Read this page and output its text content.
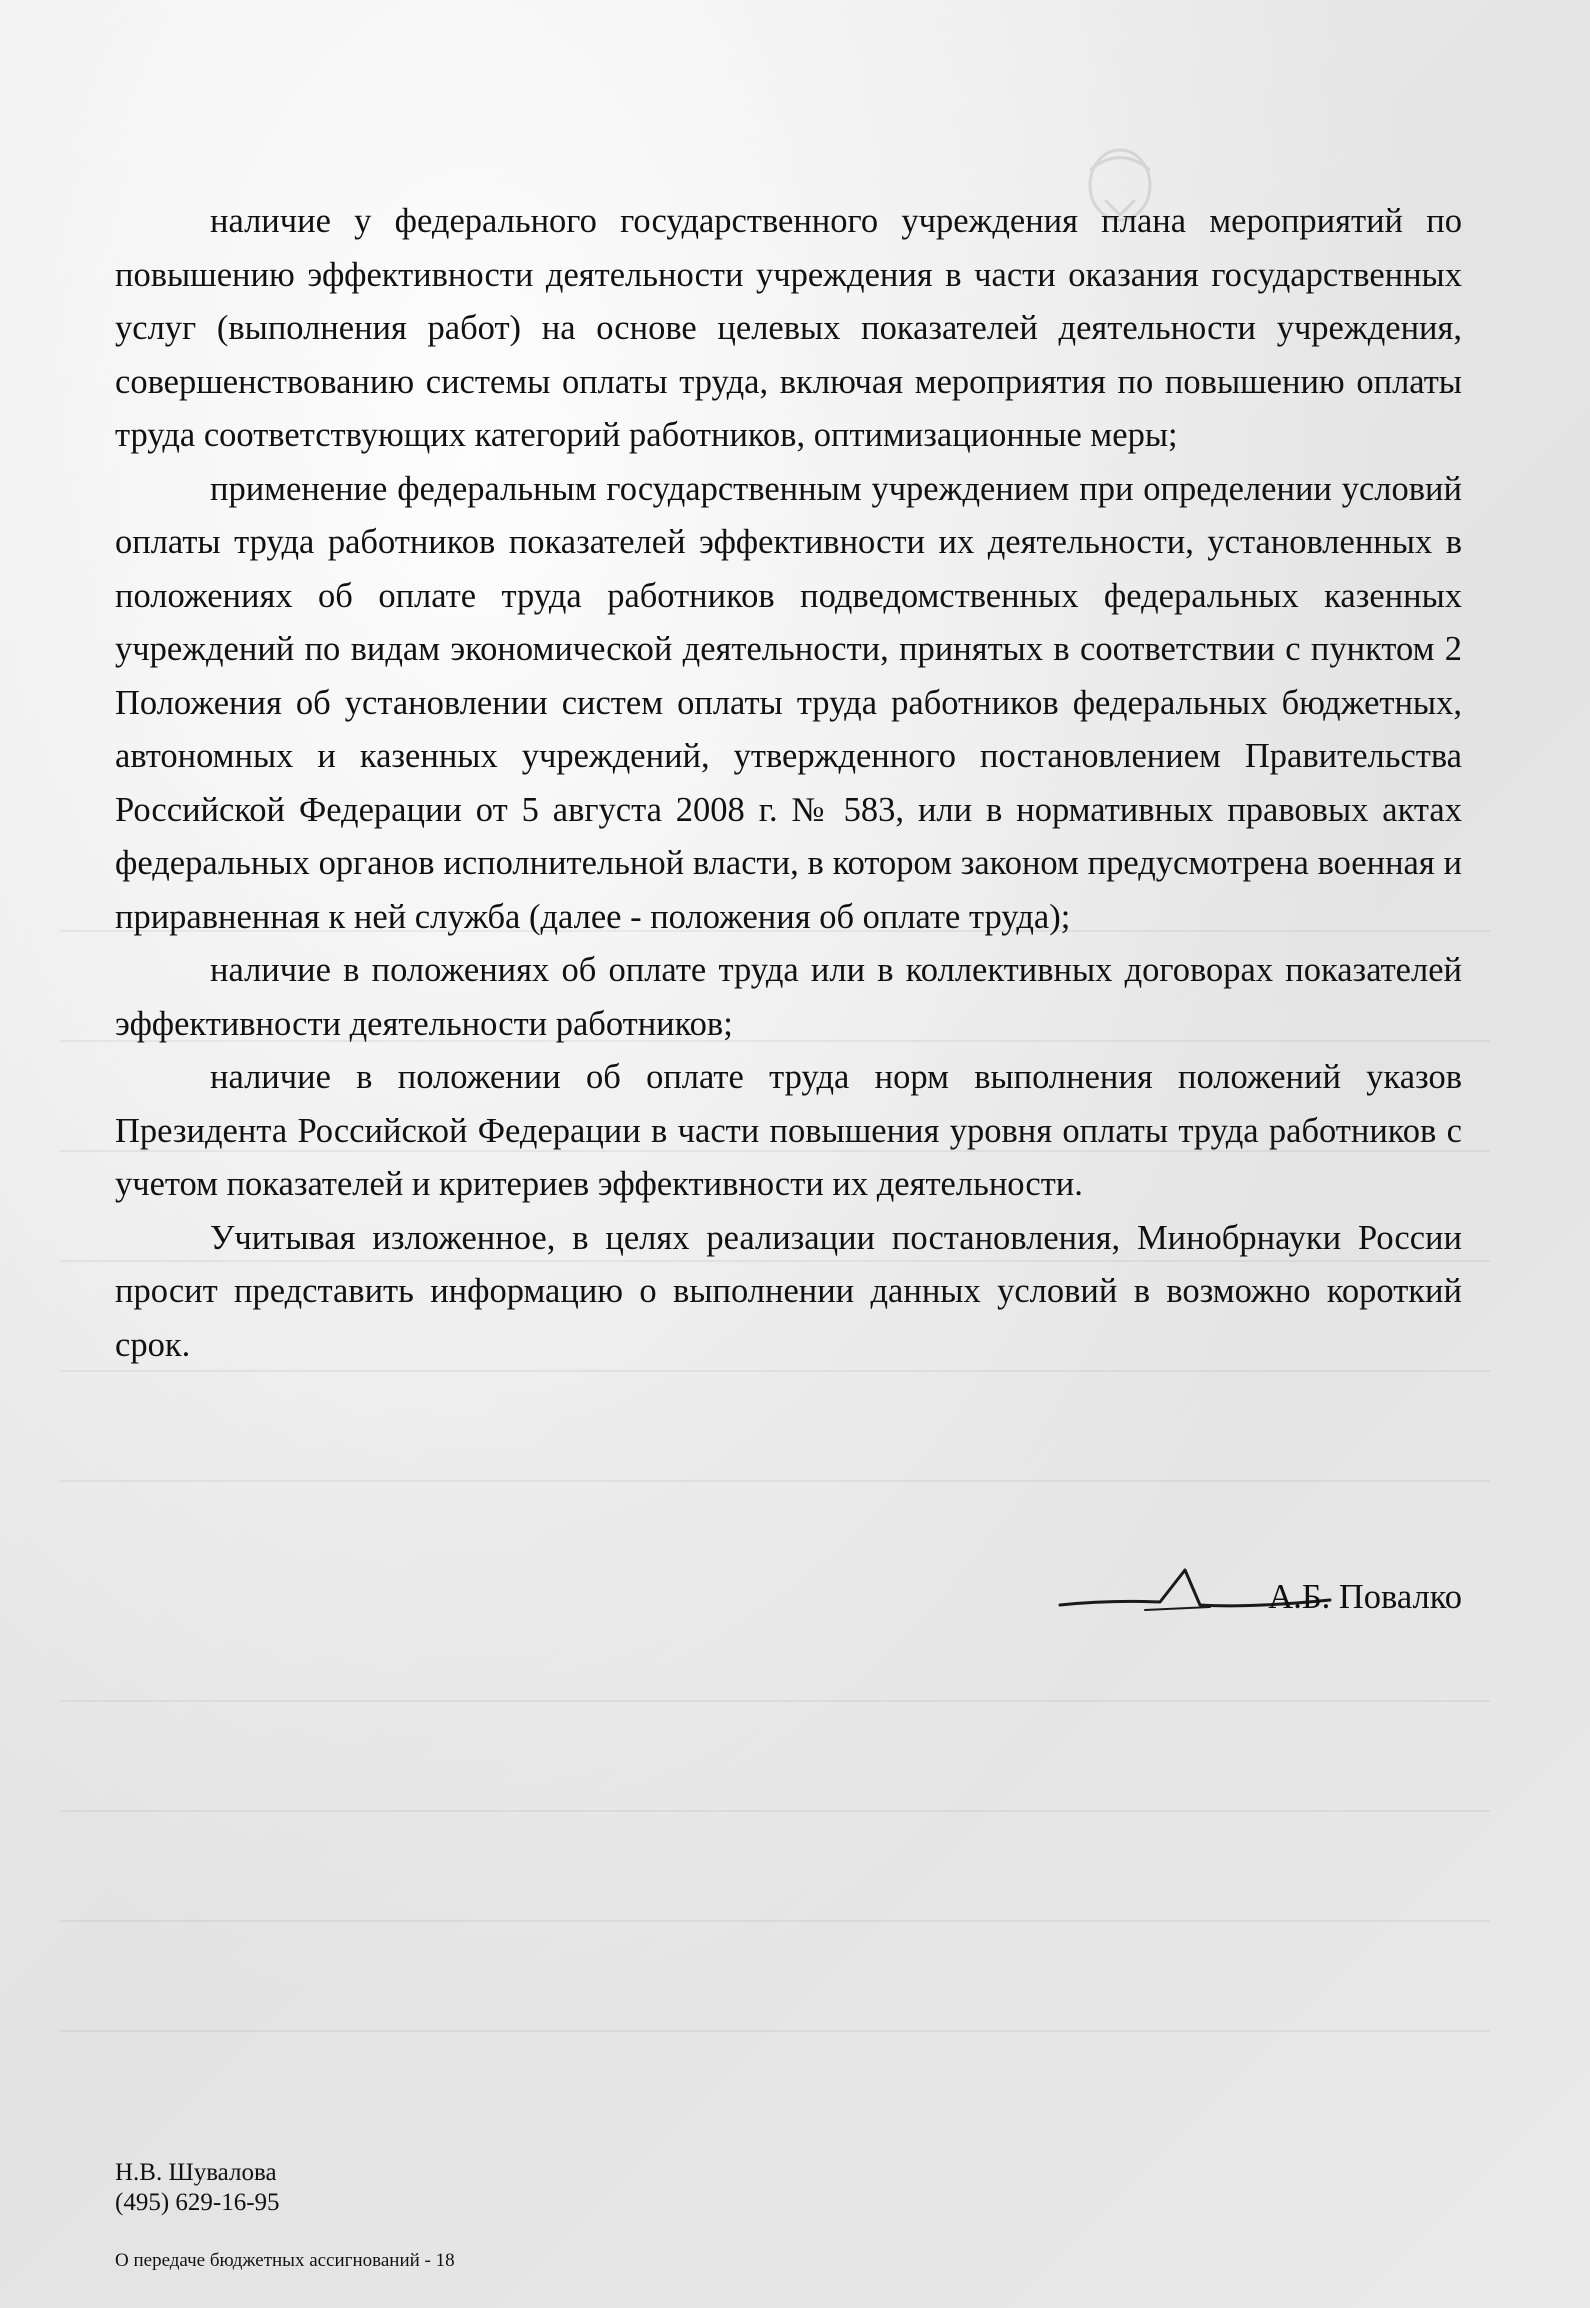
наличие у федерального государственного учреждения плана мероприятий по повышению эффективности деятельности учреждения в части оказания государственных услуг (выполнения работ) на основе целевых показателей деятельности учреждения, совершенствованию системы оплаты труда, включая мероприятия по повышению оплаты труда соответствующих категорий работников, оптимизационные меры;

применение федеральным государственным учреждением при определении условий оплаты труда работников показателей эффективности их деятельности, установленных в положениях об оплате труда работников подведомственных федеральных казенных учреждений по видам экономической деятельности, принятых в соответствии с пунктом 2 Положения об установлении систем оплаты труда работников федеральных бюджетных, автономных и казенных учреждений, утвержденного постановлением Правительства Российской Федерации от 5 августа 2008 г. № 583, или в нормативных правовых актах федеральных органов исполнительной власти, в котором законом предусмотрена военная и приравненная к ней служба (далее - положения об оплате труда);

наличие в положениях об оплате труда или в коллективных договорах показателей эффективности деятельности работников;

наличие в положении об оплате труда норм выполнения положений указов Президента Российской Федерации в части повышения уровня оплаты труда работников с учетом показателей и критериев эффективности их деятельности.

Учитывая изложенное, в целях реализации постановления, Минобрнауки России просит представить информацию о выполнении данных условий в возможно короткий срок.

А.Б. Повалко
Н.В. Шувалова
(495) 629-16-95
О передаче бюджетных ассигнований - 18
